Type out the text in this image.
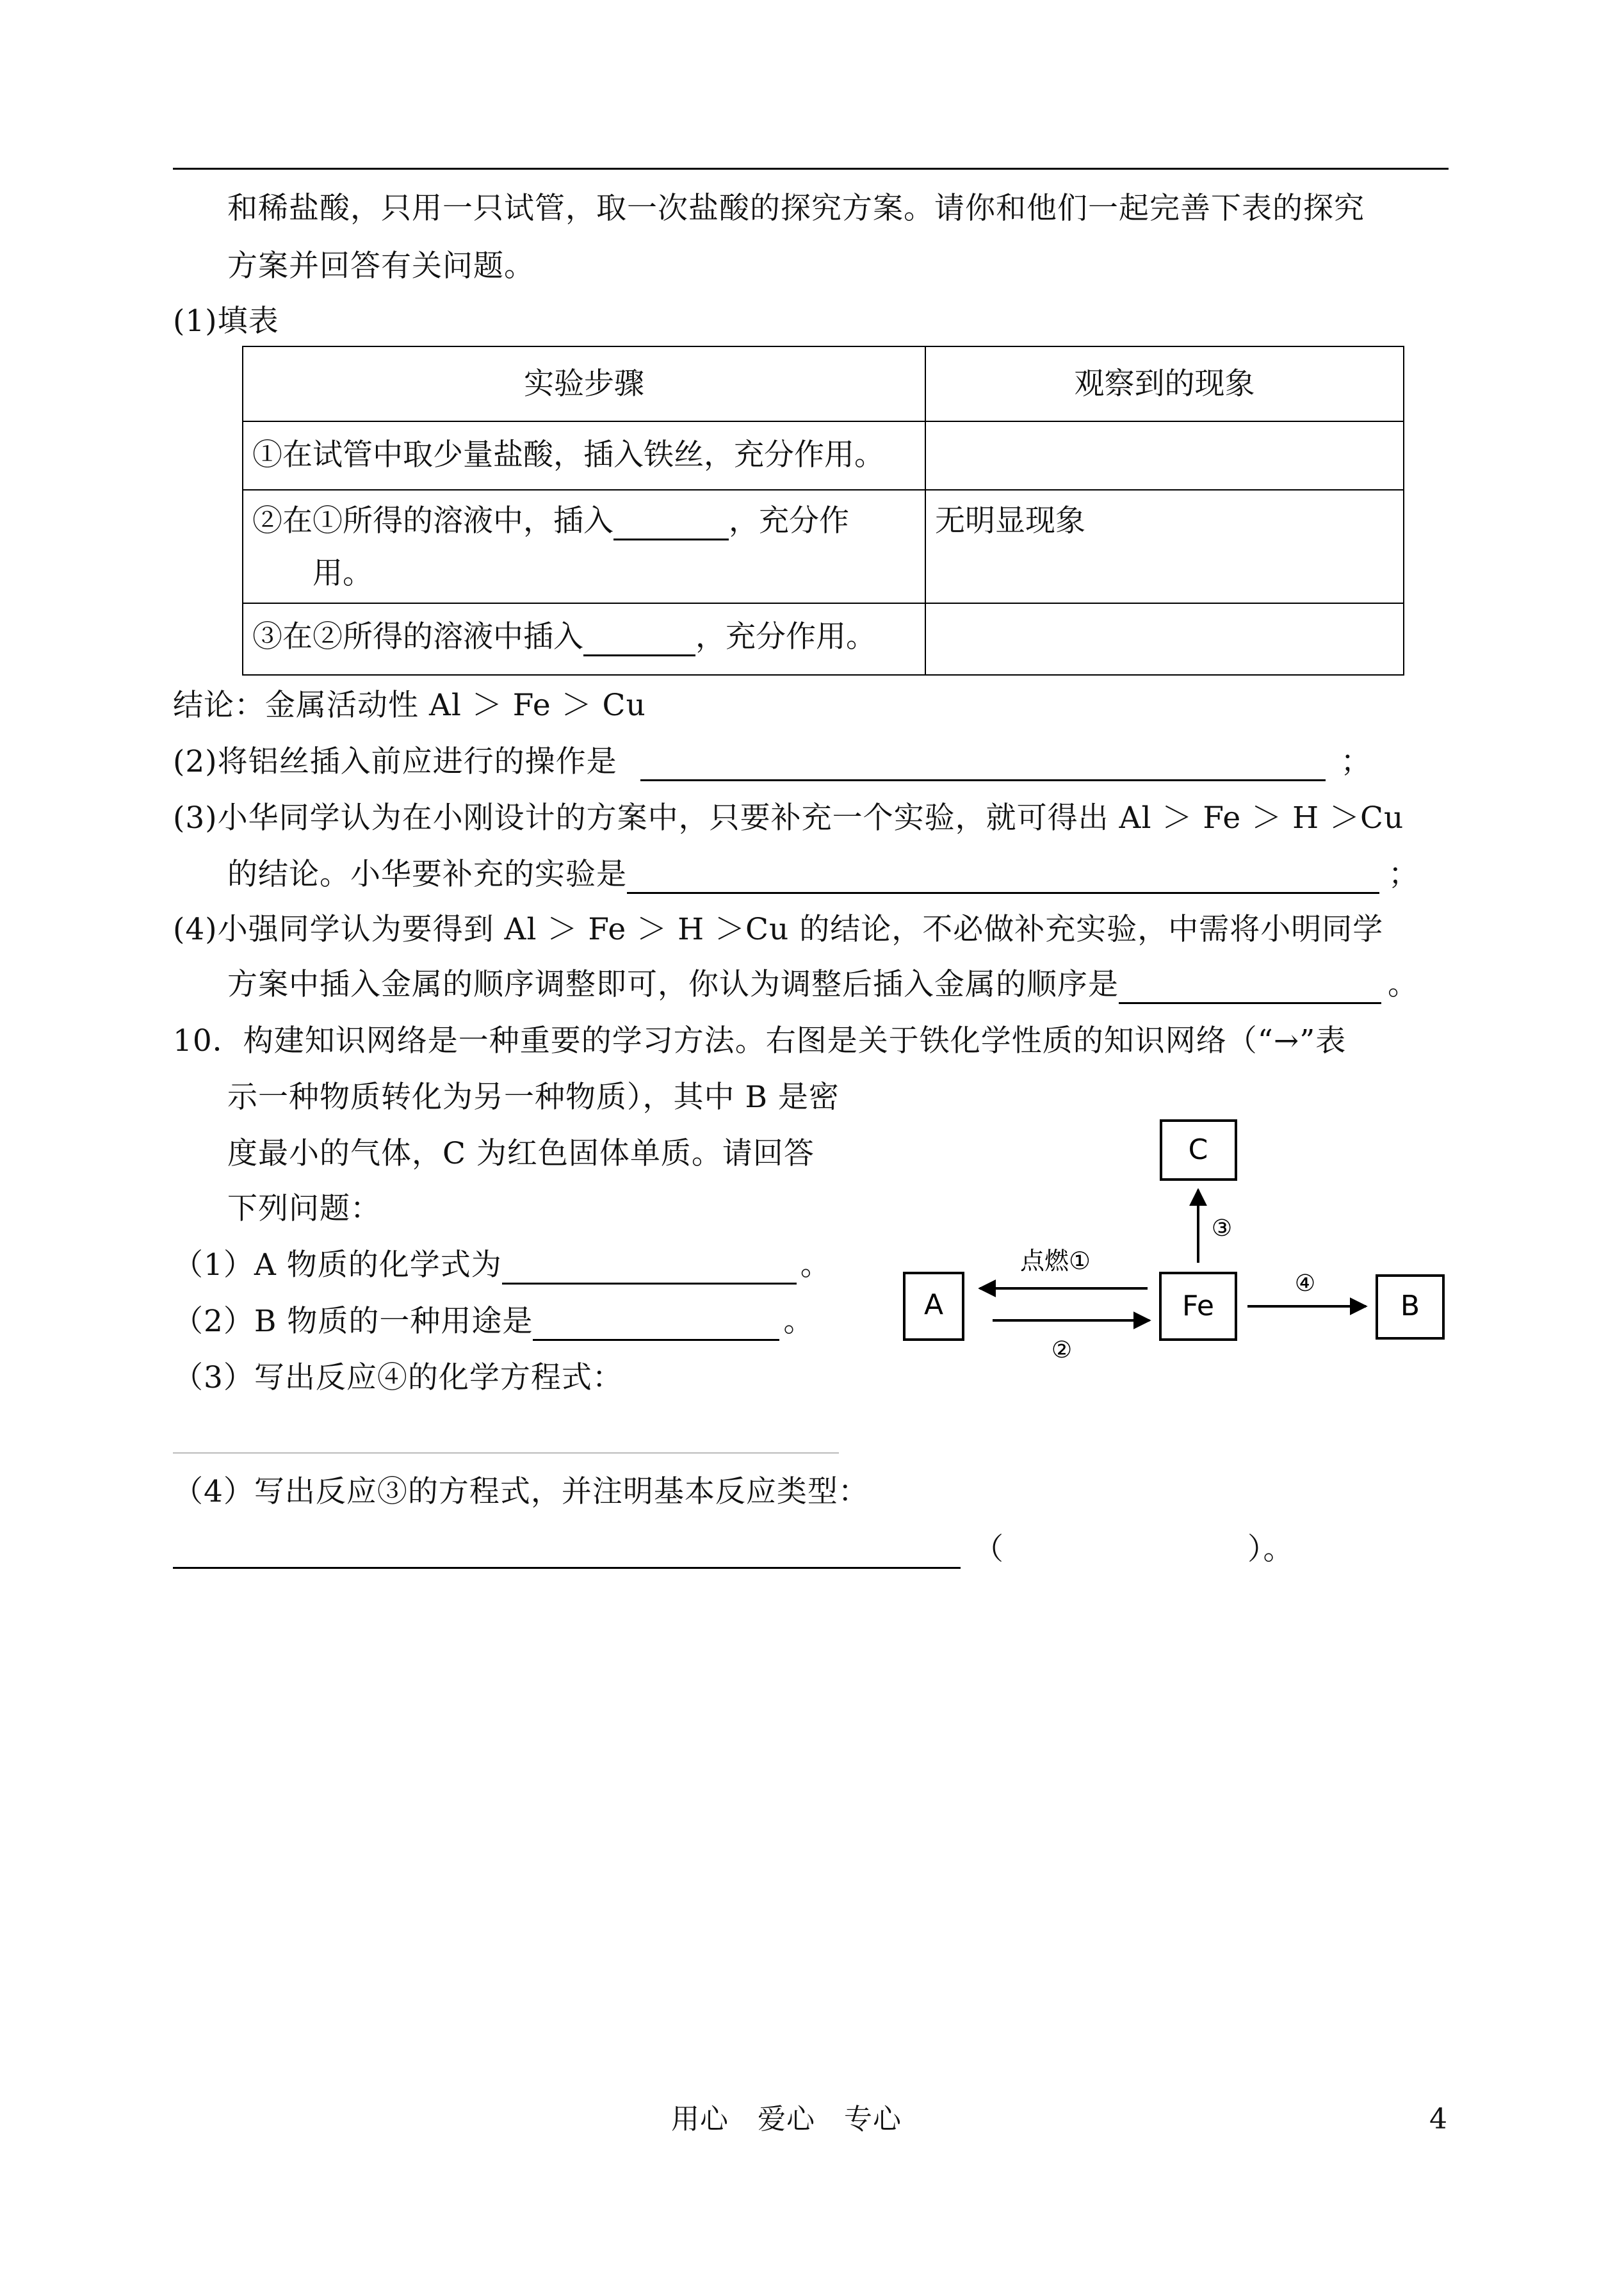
和稀盐酸，只用一只试管，取一次盐酸的探究方案。请你和他们一起完善下表的探究
方案并回答有关问题。
(1)填表
实验步骤	观察到的现象
①在试管中取少量盐酸，插入铁丝，充分作用。	

②在①所得的溶液中，插入 ，充分作
用。	无明显现象
③在②所得的溶液中插入 ，充分作用。	
结论：金属活动性 Al ＞ Fe ＞ Cu
(2)将铝丝插入前应进行的操作是	；
(3)小华同学认为在小刚设计的方案中，只要补充一个实验，就可得出 Al ＞ Fe ＞ H ＞Cu
的结论。小华要补充的实验是	；
(4)小强同学认为要得到 Al ＞ Fe ＞ H ＞Cu 的结论，不必做补充实验，中需将小明同学
方案中插入金属的顺序调整即可，你认为调整后插入金属的顺序是	。
10．构建知识网络是一种重要的学习方法。右图是关于铁化学性质的知识网络（“→”表
示一种物质转化为另一种物质），其中 B 是密
度最小的气体，C 为红色固体单质。请回答
下列问题：
（1）A 物质的化学式为	。
（2）B 物质的一种用途是	。
（3）写出反应④的化学方程式：
（4）写出反应③的方程式，并注明基本反应类型：
（	）。
A	Fe	B
C
点燃①
②
③
④
用心　爱心　专心	4
